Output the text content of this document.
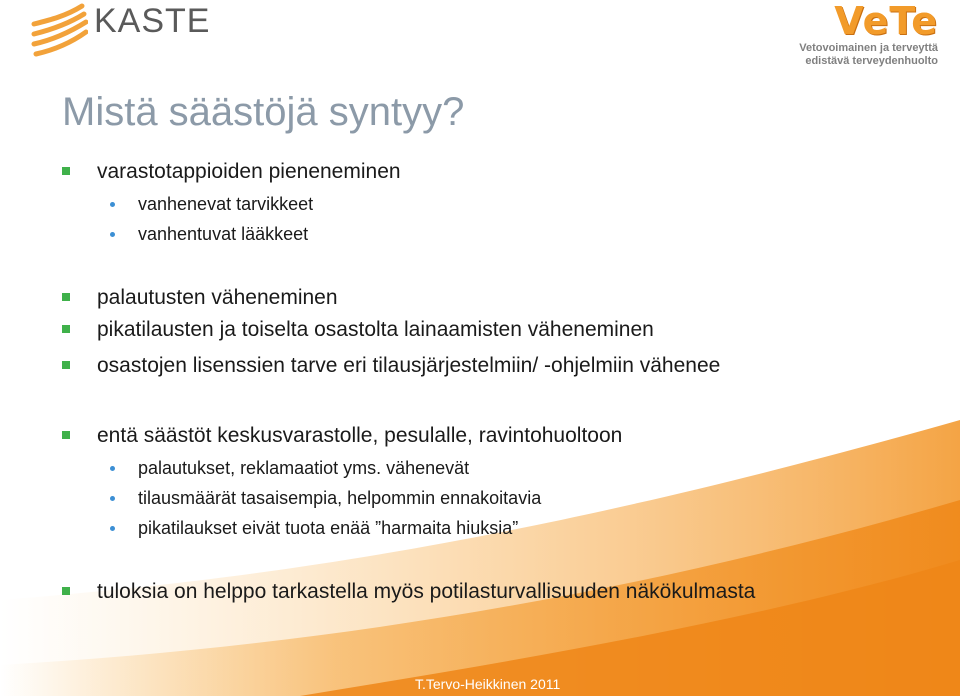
KASTE	VeTe
Vetovoimainen ja terveyttä
edistävä terveydenhuolto
Mistä säästöjä syntyy?
varastotappioiden pieneneminen
vanhenevat tarvikkeet
vanhentuvat lääkkeet
palautusten väheneminen
pikatilausten ja toiselta osastolta lainaamisten väheneminen
osastojen lisenssien tarve eri tilausjärjestelmiin/ -ohjelmiin vähenee
entä säästöt keskusvarastolle, pesulalle, ravintohuoltoon
palautukset, reklamaatiot yms. vähenevät
tilausmäärät tasaisempia, helpommin ennakoitavia
pikatilaukset eivät tuota enää ”harmaita hiuksia”
tuloksia on helppo tarkastella myös potilasturvallisuuden näkökulmasta
T.Tervo-Heikkinen 2011
